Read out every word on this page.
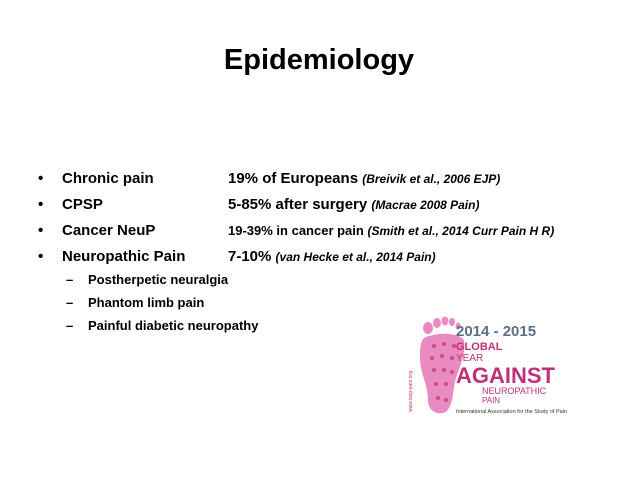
Epidemiology
• Chronic pain	19% of Europeans (Breivik et al., 2006 EJP)
• CPSP	5-85% after surgery (Macrae 2008 Pain)
• Cancer NeuP	19-39% in cancer pain (Smith et al., 2014 Curr Pain H R)
• Neuropathic Pain	7-10% (van Hecke et al., 2014 Pain)
– Postherpetic neuralgia
– Phantom limb pain
– Painful diabetic neuropathy
www.iasp-pain.org
2014 - 2015
GLOBAL
YEAR
AGAINST
NEUROPATHIC
PAIN
International Association for the Study of Pain
